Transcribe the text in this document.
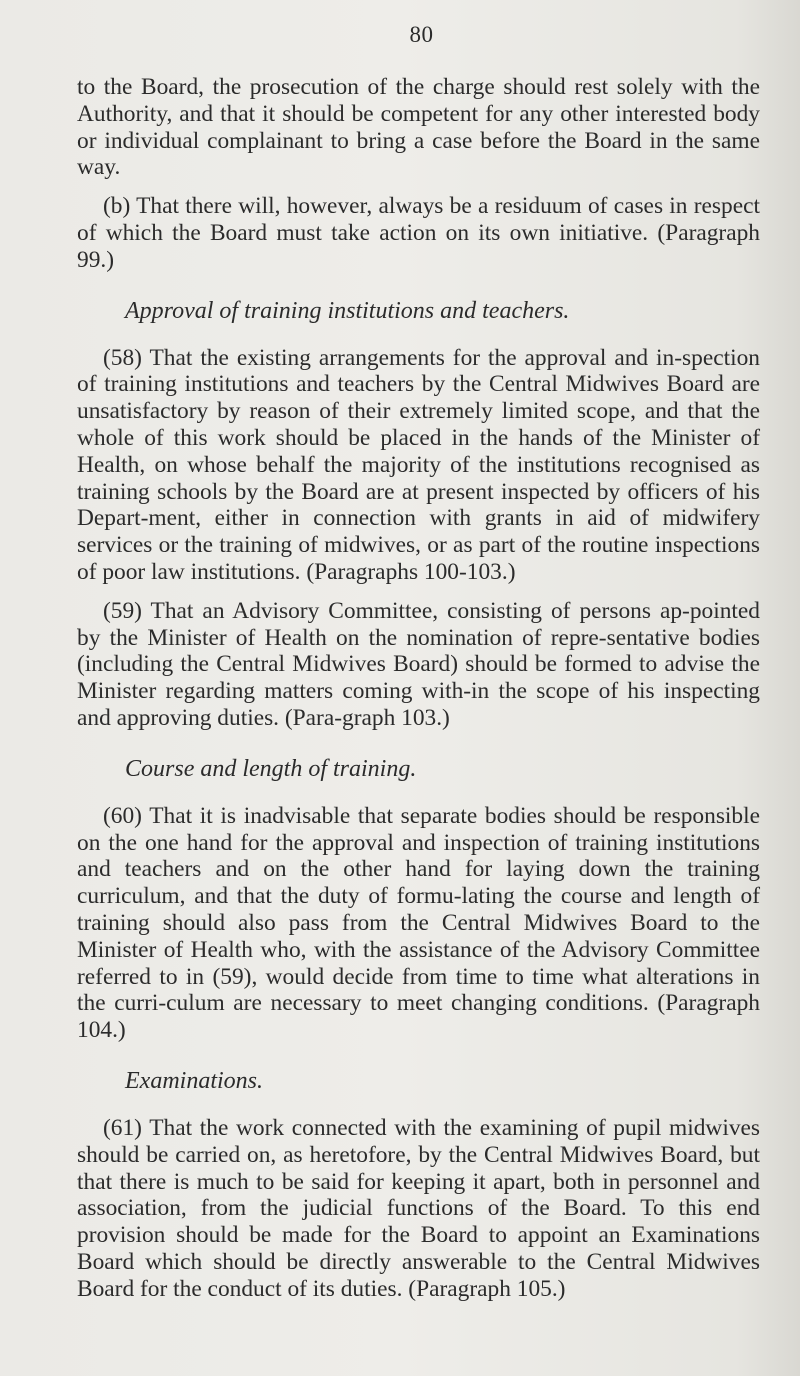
80

to the Board, the prosecution of the charge should rest solely with the Authority, and that it should be competent for any other interested body or individual complainant to bring a case before the Board in the same way.

(b) That there will, however, always be a residuum of cases in respect of which the Board must take action on its own initiative. (Paragraph 99.)

Approval of training institutions and teachers.

(58) That the existing arrangements for the approval and in-spection of training institutions and teachers by the Central Midwives Board are unsatisfactory by reason of their extremely limited scope, and that the whole of this work should be placed in the hands of the Minister of Health, on whose behalf the majority of the institutions recognised as training schools by the Board are at present inspected by officers of his Depart-ment, either in connection with grants in aid of midwifery services or the training of midwives, or as part of the routine inspections of poor law institutions. (Paragraphs 100-103.)

(59) That an Advisory Committee, consisting of persons ap-pointed by the Minister of Health on the nomination of repre-sentative bodies (including the Central Midwives Board) should be formed to advise the Minister regarding matters coming with-in the scope of his inspecting and approving duties. (Para-graph 103.)

Course and length of training.

(60) That it is inadvisable that separate bodies should be responsible on the one hand for the approval and inspection of training institutions and teachers and on the other hand for laying down the training curriculum, and that the duty of formu-lating the course and length of training should also pass from the Central Midwives Board to the Minister of Health who, with the assistance of the Advisory Committee referred to in (59), would decide from time to time what alterations in the curri-culum are necessary to meet changing conditions. (Paragraph 104.)

Examinations.

(61) That the work connected with the examining of pupil midwives should be carried on, as heretofore, by the Central Midwives Board, but that there is much to be said for keeping it apart, both in personnel and association, from the judicial functions of the Board. To this end provision should be made for the Board to appoint an Examinations Board which should be directly answerable to the Central Midwives Board for the conduct of its duties. (Paragraph 105.)
